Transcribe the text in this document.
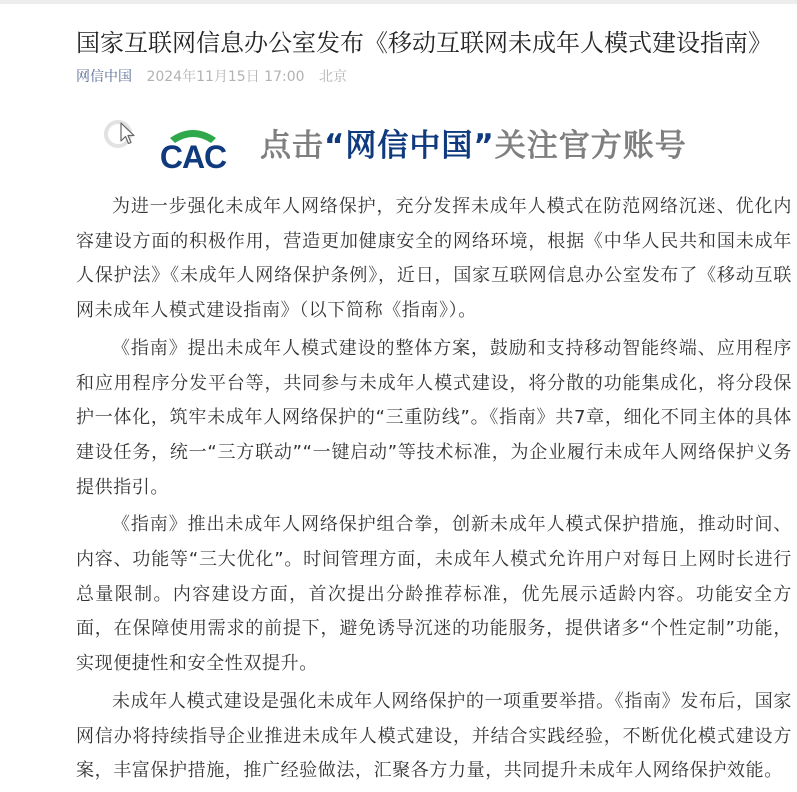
国家互联网信息办公室发布《移动互联网未成年人模式建设指南》
网信中国 2024年11月15日 17:00 北京
CAC 点击“网信中国”关注官方账号

为进一步强化未成年人网络保护，充分发挥未成年人模式在防范网络沉迷、优化内容建设方面的积极作用，营造更加健康安全的网络环境，根据《中华人民共和国未成年人保护法》《未成年人网络保护条例》，近日，国家互联网信息办公室发布了《移动互联网未成年人模式建设指南》（以下简称《指南》）。

《指南》提出未成年人模式建设的整体方案，鼓励和支持移动智能终端、应用程序和应用程序分发平台等，共同参与未成年人模式建设，将分散的功能集成化，将分段保护一体化，筑牢未成年人网络保护的“三重防线”。《指南》共7章，细化不同主体的具体建设任务，统一“三方联动”“一键启动”等技术标准，为企业履行未成年人网络保护义务提供指引。

《指南》推出未成年人网络保护组合拳，创新未成年人模式保护措施，推动时间、内容、功能等“三大优化”。时间管理方面，未成年人模式允许用户对每日上网时长进行总量限制。内容建设方面，首次提出分龄推荐标准，优先展示适龄内容。功能安全方面，在保障使用需求的前提下，避免诱导沉迷的功能服务，提供诸多“个性定制”功能，实现便捷性和安全性双提升。

未成年人模式建设是强化未成年人网络保护的一项重要举措。《指南》发布后，国家网信办将持续指导企业推进未成年人模式建设，并结合实践经验，不断优化模式建设方案，丰富保护措施，推广经验做法，汇聚各方力量，共同提升未成年人网络保护效能。
